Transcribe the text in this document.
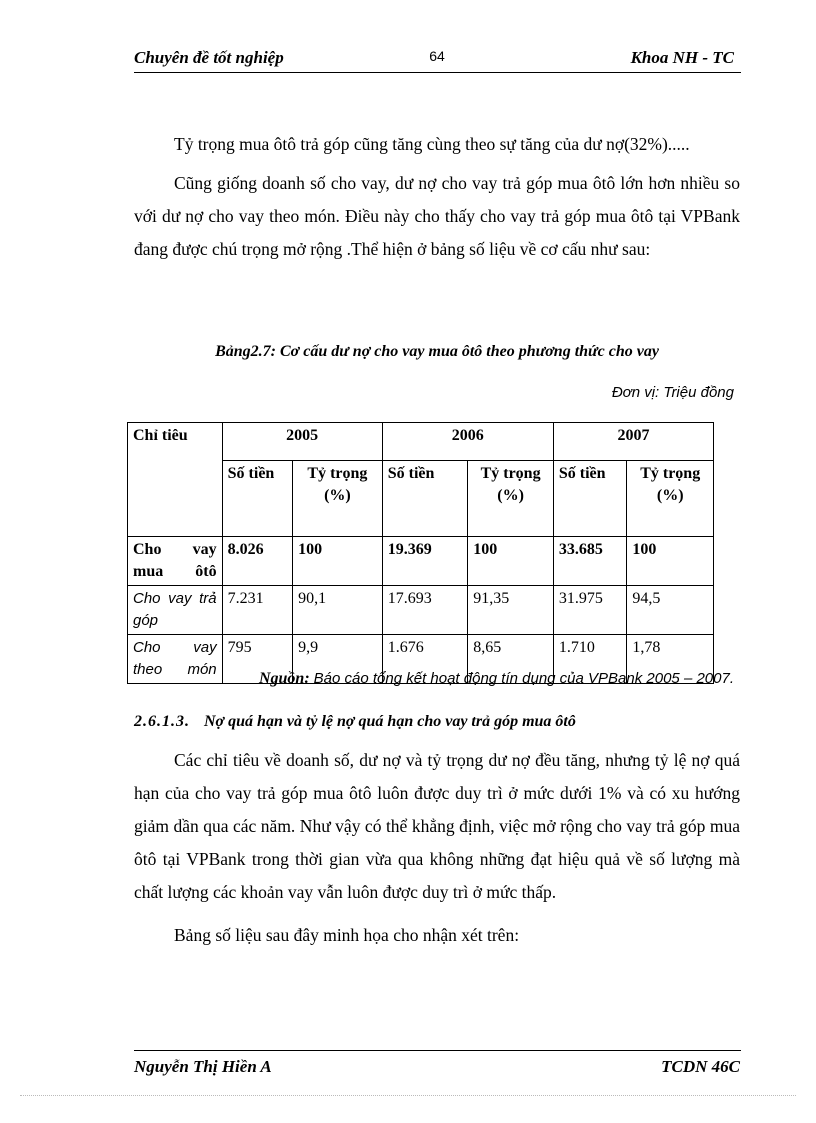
Chuyên đề tốt nghiệp	64	Khoa NH - TC

Tỷ trọng mua ôtô trả góp cũng tăng cùng theo sự tăng của dư nợ(32%).....

Cũng giống doanh số cho vay, dư nợ cho vay trả góp mua ôtô lớn hơn nhiều so với dư nợ cho vay theo món. Điều này cho thấy cho vay trả góp mua ôtô tại VPBank đang được chú trọng mở rộng .Thể hiện ở bảng số liệu về cơ cấu như sau:

Bảng2.7: Cơ cấu dư nợ cho vay mua ôtô theo phương thức cho vay
Đơn vị: Triệu đồng
Chỉ tiêu	2005		2006		2007	
	Số tiền	Tỷ trọng (%)	Số tiền	Tỷ trọng (%)	Số tiền	Tỷ trọng (%)
Cho vay mua ôtô	8.026	100	19.369	100	33.685	100
Cho vay trả góp	7.231	90,1	17.693	91,35	31.975	94,5
Cho vay theo món	795	9,9	1.676	8,65	1.710	1,78
Nguồn: Báo cáo tổng kết hoạt động tín dụng của VPBank 2005 – 2007.
2.6.1.3. Nợ quá hạn và tỷ lệ nợ quá hạn cho vay trả góp mua ôtô

Các chỉ tiêu về doanh số, dư nợ và tỷ trọng dư nợ đều tăng, nhưng tỷ lệ nợ quá hạn của cho vay trả góp mua ôtô luôn được duy trì ở mức dưới 1% và có xu hướng giảm dần qua các năm. Như vậy có thể khẳng định, việc mở rộng cho vay trả góp mua ôtô tại VPBank trong thời gian vừa qua không những đạt hiệu quả về số lượng mà chất lượng các khoản vay vẫn luôn được duy trì ở mức thấp.

Bảng số liệu sau đây minh họa cho nhận xét trên:

Nguyễn Thị Hiền A	TCDN 46C
